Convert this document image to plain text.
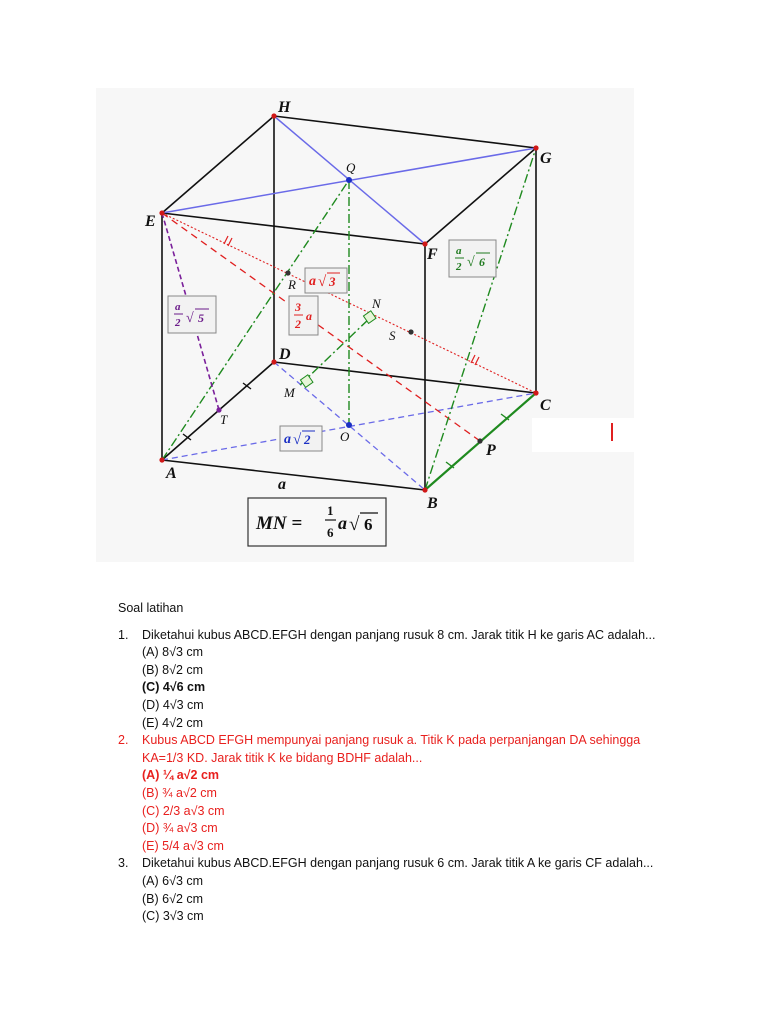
H
G
E
F
D
C
A
B
Q
R
N
S
M
T
O
P
a
a √ 3
3
2
a
a
2 √ 6
a
2 √ 5
a √ 2
MN =
1
6 a √ 6
Soal latihan
1. Diketahui kubus ABCD.EFGH dengan panjang rusuk 8 cm. Jarak titik H ke garis AC adalah...
(A) 8√3 cm
(B) 8√2 cm
(C) 4√6 cm
(D) 4√3 cm
(E) 4√2 cm
2. Kubus ABCD EFGH mempunyai panjang rusuk a. Titik K pada perpanjangan DA sehingga KA=1/3 KD. Jarak titik K ke bidang BDHF adalah...
(A) ¼ a√2 cm
(B) ¾ a√2 cm
(C) 2/3 a√3 cm
(D) ¾ a√3 cm
(E) 5/4 a√3 cm
3. Diketahui kubus ABCD.EFGH dengan panjang rusuk 6 cm. Jarak titik A ke garis CF adalah...
(A) 6√3 cm
(B) 6√2 cm
(C) 3√3 cm
